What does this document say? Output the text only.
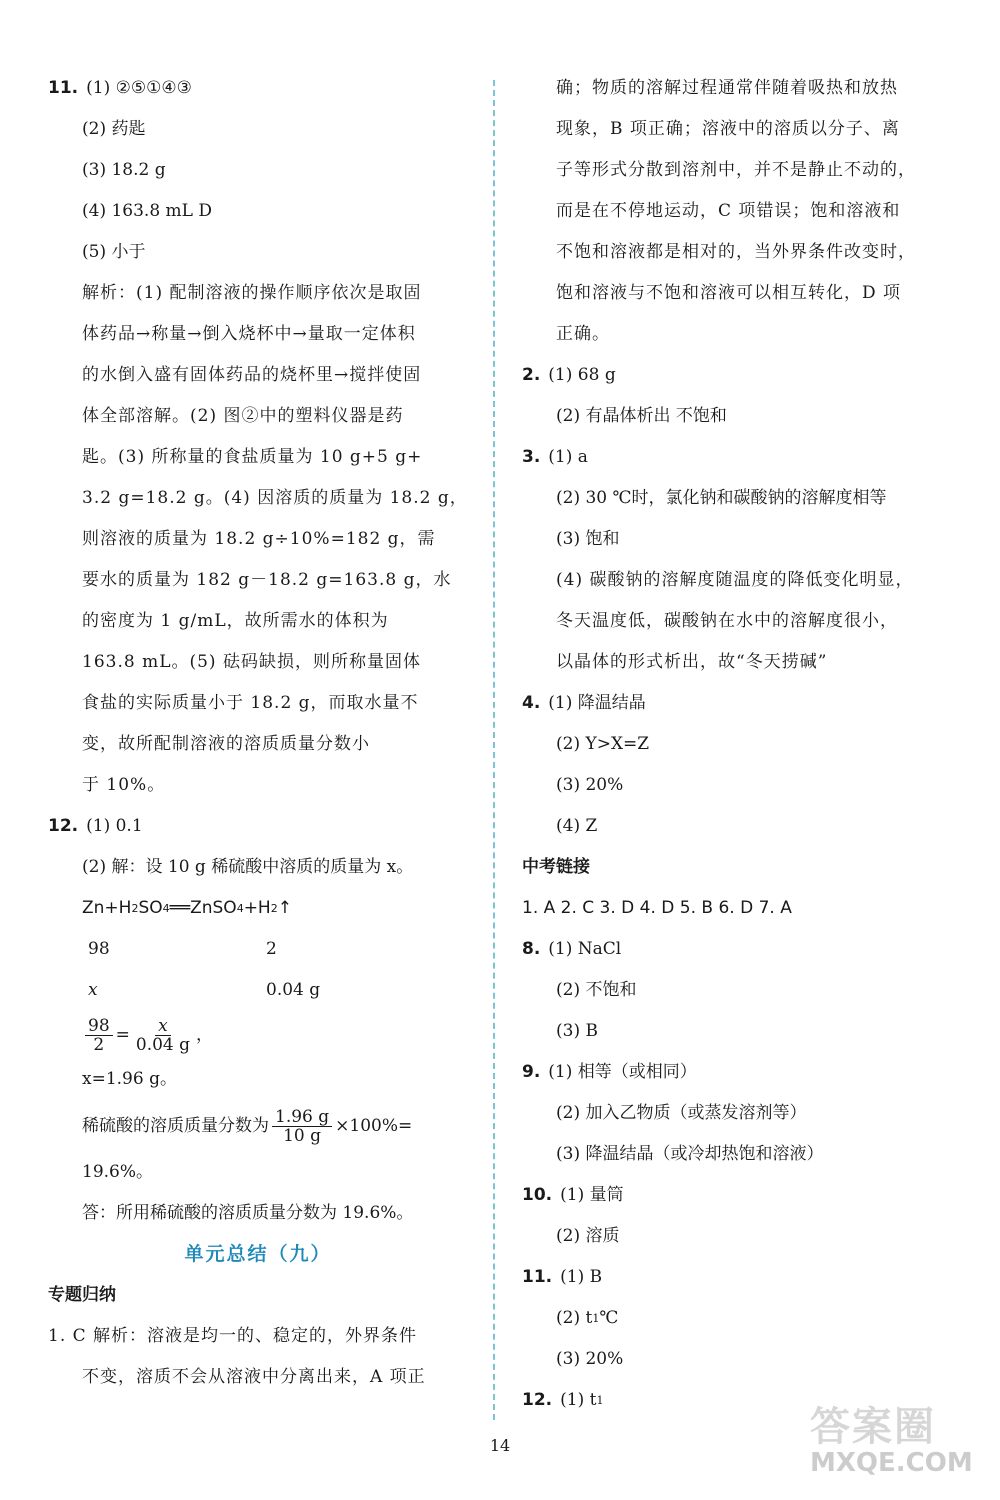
11. (1) ②⑤①④③
(2) 药匙
(3) 18.2 g
(4) 163.8 mL D
(5) 小于
解析：(1) 配制溶液的操作顺序依次是取固
体药品→称量→倒入烧杯中→量取一定体积
的水倒入盛有固体药品的烧杯里→搅拌使固
体全部溶解。(2) 图②中的塑料仪器是药
匙。(3) 所称量的食盐质量为 10 g+5 g+
3.2 g=18.2 g。(4) 因溶质的质量为 18.2 g，
则溶液的质量为 18.2 g÷10%=182 g，需
要水的质量为 182 g－18.2 g=163.8 g，水
的密度为 1 g/mL，故所需水的体积为
163.8 mL。(5) 砝码缺损，则所称量固体
食盐的实际质量小于 18.2 g，而取水量不
变，故所配制溶液的溶质质量分数小
于 10%。
12. (1) 0.1
(2) 解：设 10 g 稀硫酸中溶质的质量为 x。
Zn+H 2 SO 4 ══ZnSO 4 +H 2 ↑
98	2
x	0.04 g
$\frac{98}{2} = \frac{x}{0.04 g}$ ，
x=1.96 g。
稀硫酸的溶质质量分数为 $\frac{1.96 g}{10 g} \times 100\%=$
19.6%。
答：所用稀硫酸的溶质质量分数为 19.6%。
单元总结（九）
专题归纳
1. C 解析：溶液是均一的、稳定的，外界条件
不变，溶质不会从溶液中分离出来，A 项正
确；物质的溶解过程通常伴随着吸热和放热
现象，B 项正确；溶液中的溶质以分子、离
子等形式分散到溶剂中，并不是静止不动的，
而是在不停地运动，C 项错误；饱和溶液和
不饱和溶液都是相对的，当外界条件改变时，
饱和溶液与不饱和溶液可以相互转化，D 项
正确。
2. (1) 68 g
(2) 有晶体析出 不饱和
3. (1) a
(2) 30 ℃时，氯化钠和碳酸钠的溶解度相等
(3) 饱和
(4) 碳酸钠的溶解度随温度的降低变化明显，
冬天温度低，碳酸钠在水中的溶解度很小，
以晶体的形式析出，故“冬天捞碱”
4. (1) 降温结晶
(2) Y>X=Z
(3) 20%
(4) Z
中考链接
1. A 2. C 3. D 4. D 5. B 6. D 7. A
8. (1) NaCl
(2) 不饱和
(3) B
9. (1) 相等（或相同）
(2) 加入乙物质（或蒸发溶剂等）
(3) 降温结晶（或冷却热饱和溶液）
10. (1) 量筒
(2) 溶质
11. (1) B
(2) t 1 ℃
(3) 20%
12. (1) t 1
14	答案圈
MXQE.COM
